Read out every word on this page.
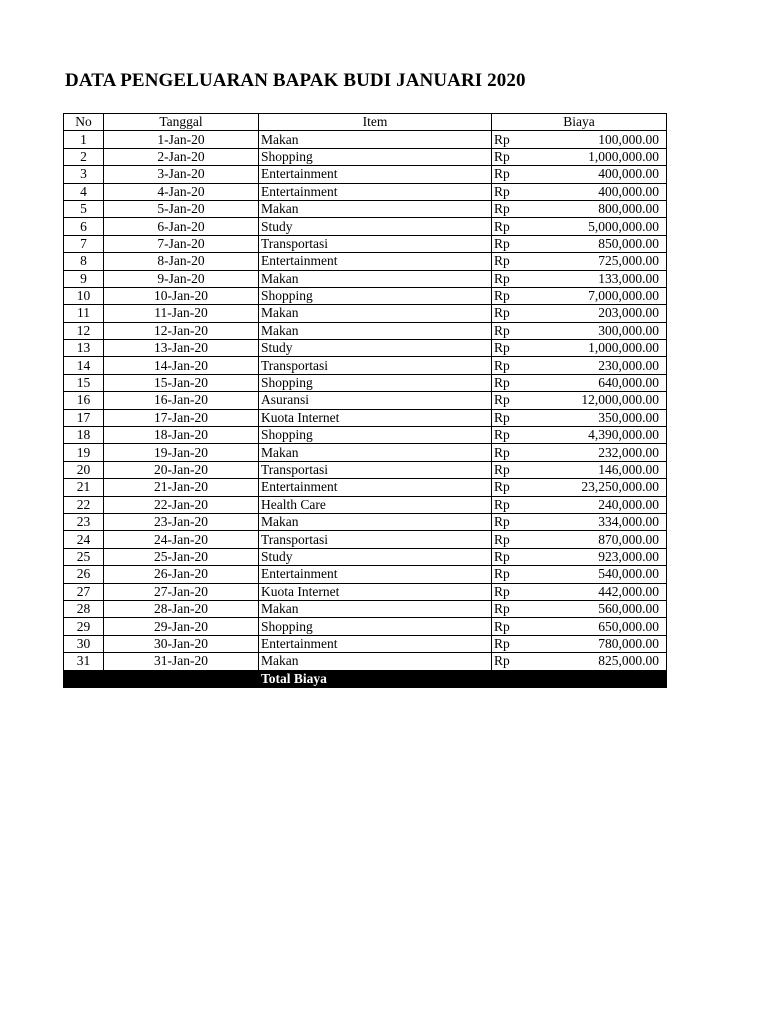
DATA PENGELUARAN BAPAK BUDI JANUARI 2020
No	Tanggal	Item	Biaya	
1	1-Jan-20	Makan	Rp	100,000.00
2	2-Jan-20	Shopping	Rp	1,000,000.00
3	3-Jan-20	Entertainment	Rp	400,000.00
4	4-Jan-20	Entertainment	Rp	400,000.00
5	5-Jan-20	Makan	Rp	800,000.00
6	6-Jan-20	Study	Rp	5,000,000.00
7	7-Jan-20	Transportasi	Rp	850,000.00
8	8-Jan-20	Entertainment	Rp	725,000.00
9	9-Jan-20	Makan	Rp	133,000.00
10	10-Jan-20	Shopping	Rp	7,000,000.00
11	11-Jan-20	Makan	Rp	203,000.00
12	12-Jan-20	Makan	Rp	300,000.00
13	13-Jan-20	Study	Rp	1,000,000.00
14	14-Jan-20	Transportasi	Rp	230,000.00
15	15-Jan-20	Shopping	Rp	640,000.00
16	16-Jan-20	Asuransi	Rp	12,000,000.00
17	17-Jan-20	Kuota Internet	Rp	350,000.00
18	18-Jan-20	Shopping	Rp	4,390,000.00
19	19-Jan-20	Makan	Rp	232,000.00
20	20-Jan-20	Transportasi	Rp	146,000.00
21	21-Jan-20	Entertainment	Rp	23,250,000.00
22	22-Jan-20	Health Care	Rp	240,000.00
23	23-Jan-20	Makan	Rp	334,000.00
24	24-Jan-20	Transportasi	Rp	870,000.00
25	25-Jan-20	Study	Rp	923,000.00
26	26-Jan-20	Entertainment	Rp	540,000.00
27	27-Jan-20	Kuota Internet	Rp	442,000.00
28	28-Jan-20	Makan	Rp	560,000.00
29	29-Jan-20	Shopping	Rp	650,000.00
30	30-Jan-20	Entertainment	Rp	780,000.00
31	31-Jan-20	Makan	Rp	825,000.00
		Total Biaya		
